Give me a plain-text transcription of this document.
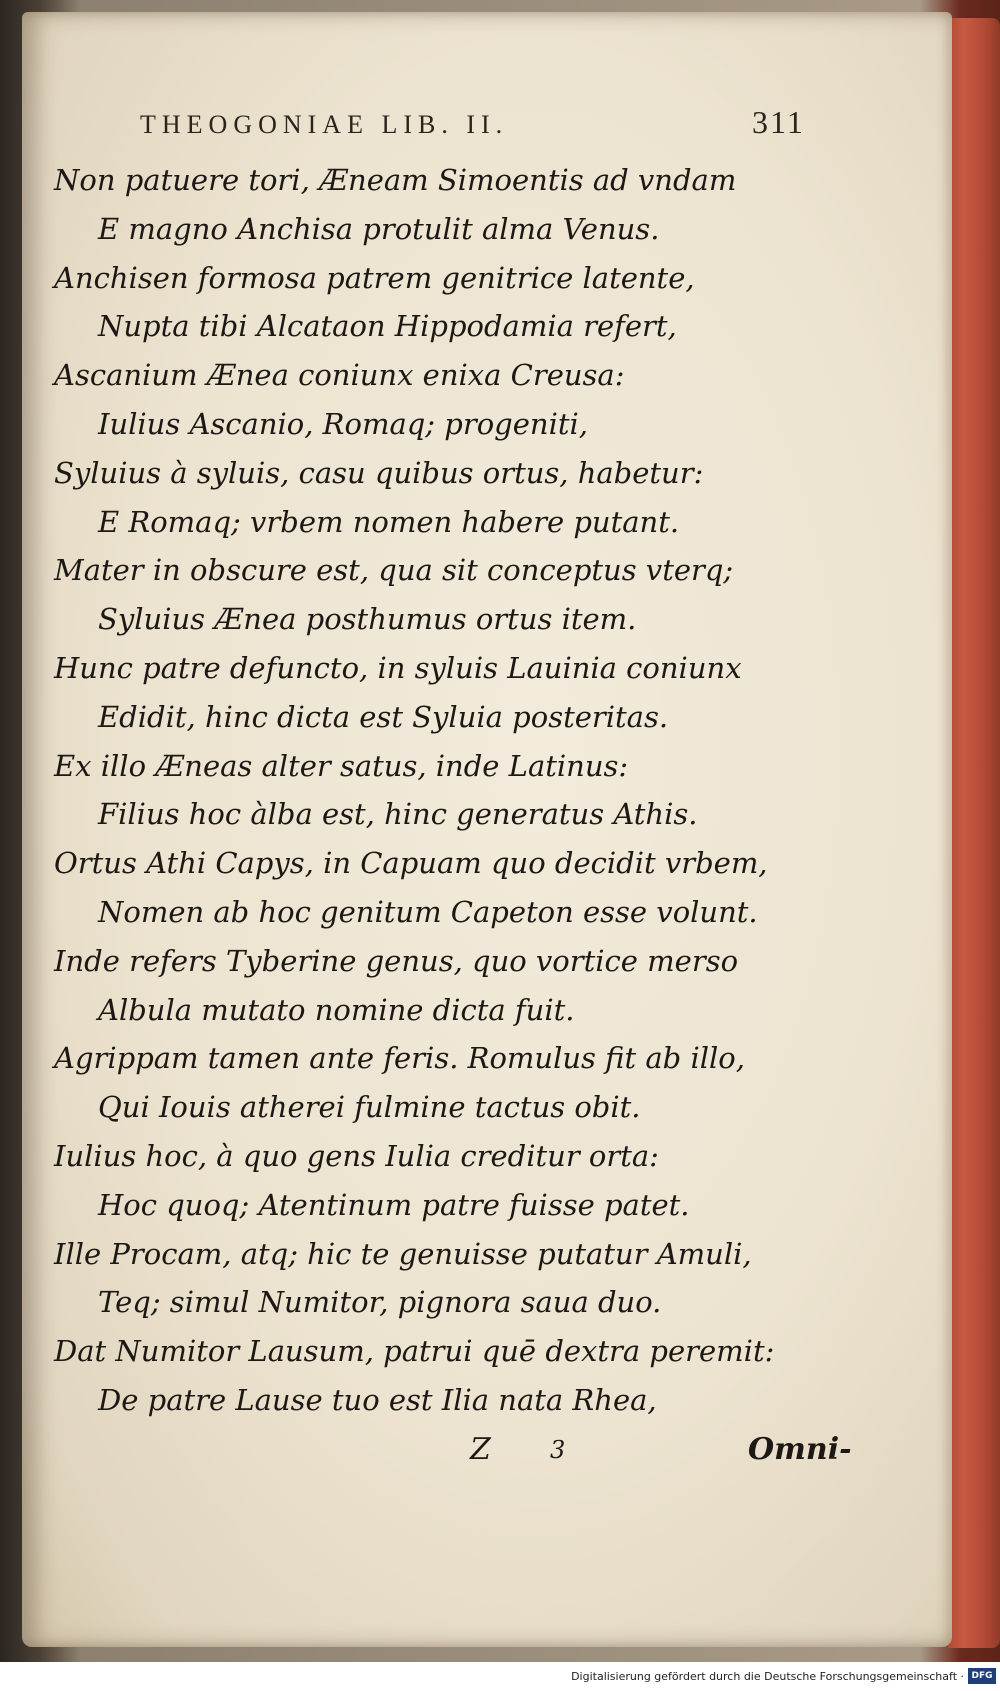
THEOGONIAE LIB. II.	311
Non patuere tori, Æneam Simoentis ad vndam
E magno Anchisa protulit alma Venus.
Anchisen formosa patrem genitrice latente,
Nupta tibi Alcataon Hippodamia refert,
Ascanium Ænea coniunx enixa Creusa:
Iulius Ascanio, Romaq; progeniti,
Syluius à syluis, casu quibus ortus, habetur:
E Romaq; vrbem nomen habere putant.
Mater in obscure est, qua sit conceptus vterq;
Syluius Ænea posthumus ortus item.
Hunc patre defuncto, in syluis Lauinia coniunx
Edidit, hinc dicta est Syluia posteritas.
Ex illo Æneas alter satus, inde Latinus:
Filius hoc àlba est, hinc generatus Athis.
Ortus Athi Capys, in Capuam quo decidit vrbem,
Nomen ab hoc genitum Capeton esse volunt.
Inde refers Tyberine genus, quo vortice merso
Albula mutato nomine dicta fuit.
Agrippam tamen ante feris. Romulus fit ab illo,
Qui Iouis atherei fulmine tactus obit.
Iulius hoc, à quo gens Iulia creditur orta:
Hoc quoq; Atentinum patre fuisse patet.
Ille Procam, atq; hic te genuisse putatur Amuli,
Teq; simul Numitor, pignora saua duo.
Dat Numitor Lausum, patrui quē dextra peremit:
De patre Lause tuo est Ilia nata Rhea,
Z 3	Omni-
Digitalisierung gefördert durch die Deutsche Forschungsgemeinschaft · DFG
